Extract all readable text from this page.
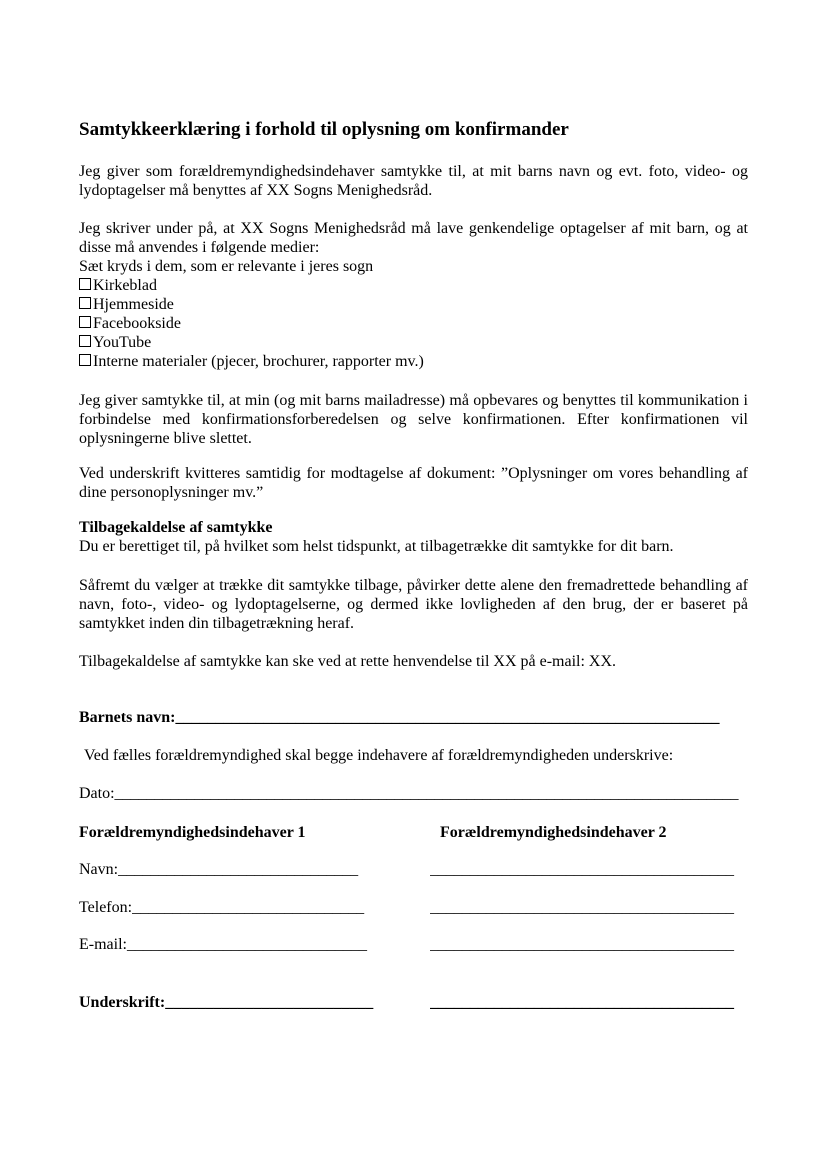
Samtykkeerklæring i forhold til oplysning om konfirmander

Jeg giver som forældremyndighedsindehaver samtykke til, at mit barns navn og evt. foto, video- og lydoptagelser må benyttes af XX Sogns Menighedsråd.

Jeg skriver under på, at XX Sogns Menighedsråd må lave genkendelige optagelser af mit barn, og at disse må anvendes i følgende medier:

Sæt kryds i dem, som er relevante i jeres sogn

Kirkeblad
Hjemmeside
Facebookside
YouTube
Interne materialer (pjecer, brochurer, rapporter mv.)

Jeg giver samtykke til, at min (og mit barns mailadresse) må opbevares og benyttes til kommunikation i forbindelse med konfirmationsforberedelsen og selve konfirmationen. Efter konfirmationen vil oplysningerne blive slettet.

Ved underskrift kvitteres samtidig for modtagelse af dokument: ”Oplysninger om vores behandling af dine personoplysninger mv.”

Tilbagekaldelse af samtykke

Du er berettiget til, på hvilket som helst tidspunkt, at tilbagetrække dit samtykke for dit barn.

Såfremt du vælger at trække dit samtykke tilbage, påvirker dette alene den fremadrettede behandling af navn, foto-, video- og lydoptagelserne, og dermed ikke lovligheden af den brug, der er baseret på samtykket inden din tilbagetrækning heraf.

Tilbagekaldelse af samtykke kan ske ved at rette henvendelse til XX på e-mail: XX.

Barnets navn:____________________________________________________________________

Ved fælles forældremyndighed skal begge indehavere af forældremyndigheden underskrive:

Dato:______________________________________________________________________________

Forældremyndighedsindehaver 1	Forældremyndighedsindehaver 2
Navn:______________________________	______________________________________
Telefon:_____________________________	______________________________________
E-mail:______________________________	______________________________________
Underskrift:__________________________	______________________________________
